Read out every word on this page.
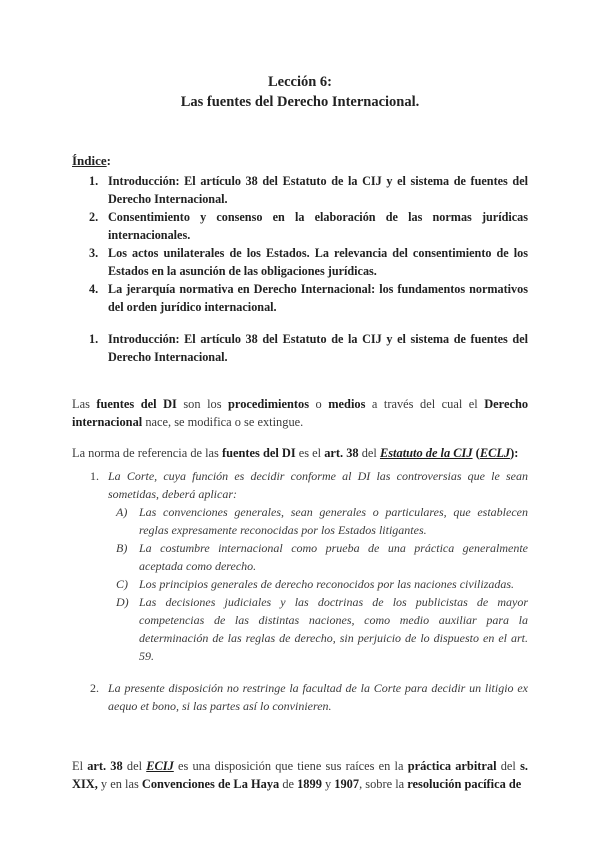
Lección 6:
Las fuentes del Derecho Internacional.
Índice:
1. Introducción: El artículo 38 del Estatuto de la CIJ y el sistema de fuentes del Derecho Internacional.
2. Consentimiento y consenso en la elaboración de las normas jurídicas internacionales.
3. Los actos unilaterales de los Estados. La relevancia del consentimiento de los Estados en la asunción de las obligaciones jurídicas.
4. La jerarquía normativa en Derecho Internacional: los fundamentos normativos del orden jurídico internacional.
1. Introducción: El artículo 38 del Estatuto de la CIJ y el sistema de fuentes del Derecho Internacional.

Las fuentes del DI son los procedimientos o medios a través del cual el Derecho internacional nace, se modifica o se extingue.

La norma de referencia de las fuentes del DI es el art. 38 del Estatuto de la CIJ (ECLJ):

1. La Corte, cuya función es decidir conforme al DI las controversias que le sean sometidas, deberá aplicar:
A) Las convenciones generales, sean generales o particulares, que establecen reglas expresamente reconocidas por los Estados litigantes.
B) La costumbre internacional como prueba de una práctica generalmente aceptada como derecho.
C) Los principios generales de derecho reconocidos por las naciones civilizadas.
D) Las decisiones judiciales y las doctrinas de los publicistas de mayor competencias de las distintas naciones, como medio auxiliar para la determinación de las reglas de derecho, sin perjuicio de lo dispuesto en el art. 59.
2. La presente disposición no restringe la facultad de la Corte para decidir un litigio ex aequo et bono, si las partes así lo convinieren.

El art. 38 del ECIJ es una disposición que tiene sus raíces en la práctica arbitral del s. XIX, y en las Convenciones de La Haya de 1899 y 1907, sobre la resolución pacífica de
